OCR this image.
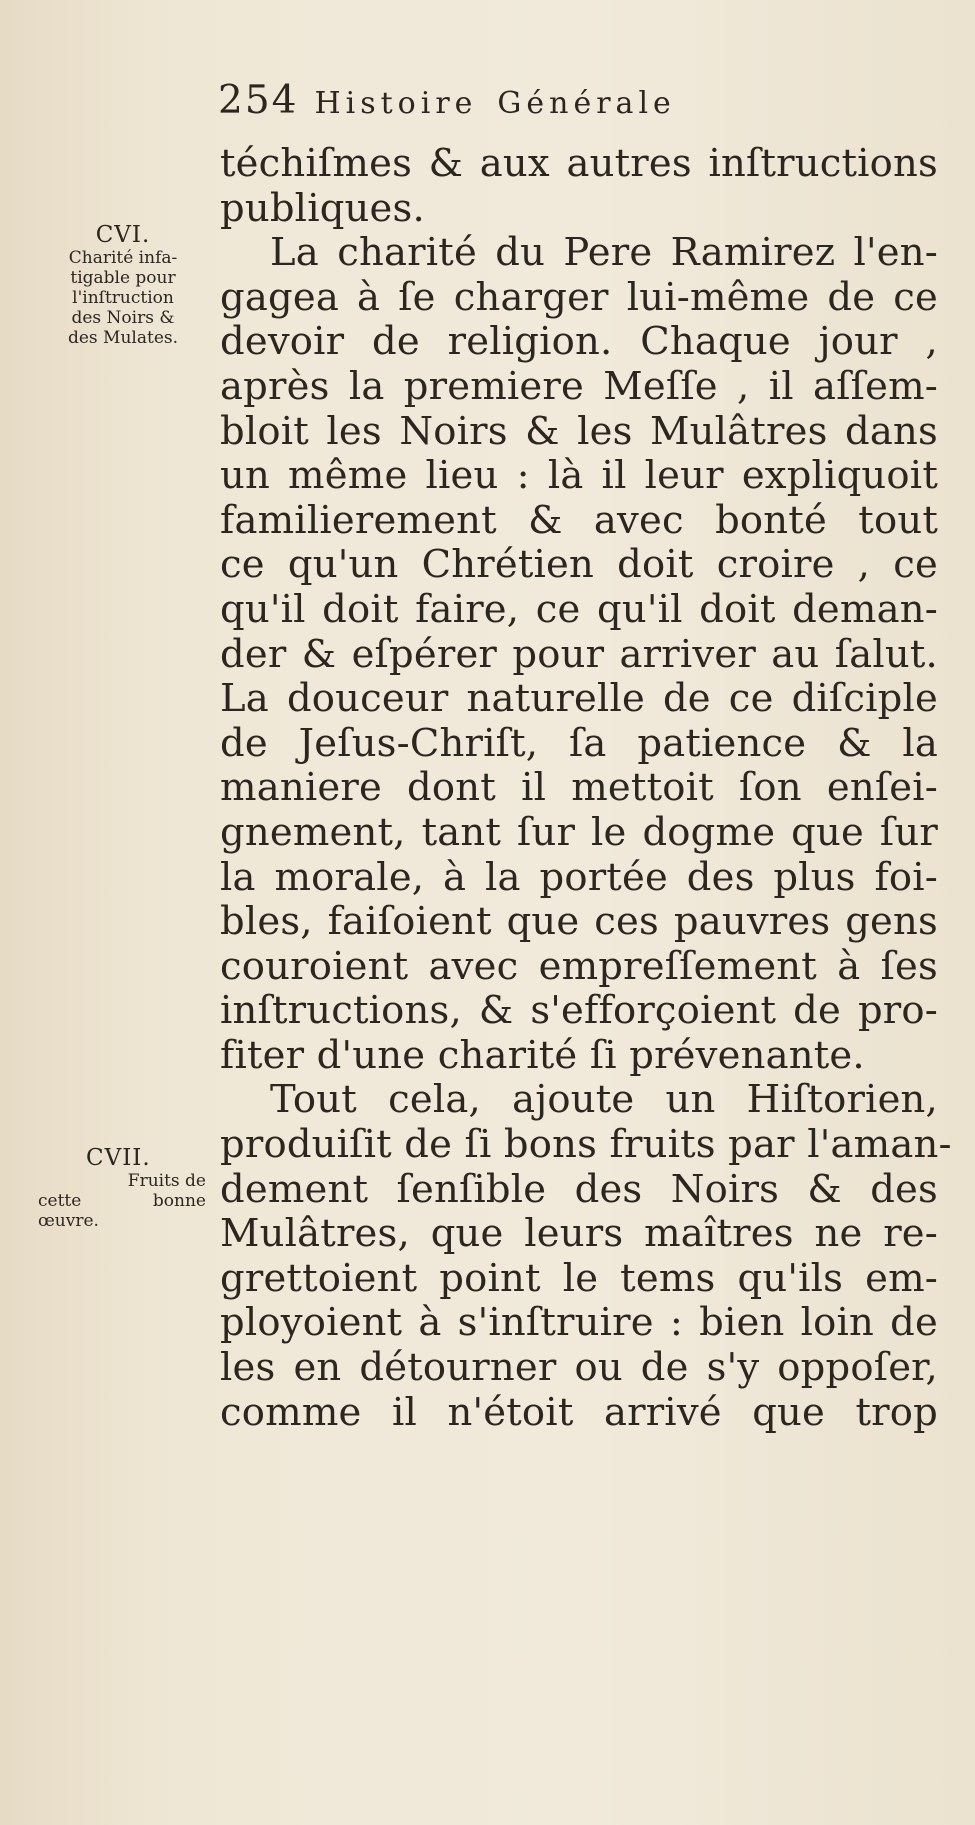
254 Histoire Générale
CVI.
Charité infa-
tigable pour
l'inſtruction
des Noirs &
des Mulates.
CVII.
Fruits de
cette bonne
œuvre.
téchiſmes & aux autres inſtructions
publiques.
La charité du Pere Ramirez l'en-
gagea à ſe charger lui-même de ce
devoir de religion. Chaque jour ,
après la premiere Meſſe , il aſſem-
bloit les Noirs & les Mulâtres dans
un même lieu : là il leur expliquoit
familierement & avec bonté tout
ce qu'un Chrétien doit croire , ce
qu'il doit faire, ce qu'il doit deman-
der & eſpérer pour arriver au ſalut.
La douceur naturelle de ce diſciple
de Jeſus-Chriſt, ſa patience & la
maniere dont il mettoit ſon enſei-
gnement, tant ſur le dogme que ſur
la morale, à la portée des plus foi-
bles, faiſoient que ces pauvres gens
couroient avec empreſſement à ſes
inſtructions, & s'efforçoient de pro-
fiter d'une charité ſi prévenante.
Tout cela, ajoute un Hiſtorien,
produiſit de ſi bons fruits par l'aman-
dement ſenſible des Noirs & des
Mulâtres, que leurs maîtres ne re-
grettoient point le tems qu'ils em-
ployoient à s'inſtruire : bien loin de
les en détourner ou de s'y oppoſer,
comme il n'étoit arrivé que trop
